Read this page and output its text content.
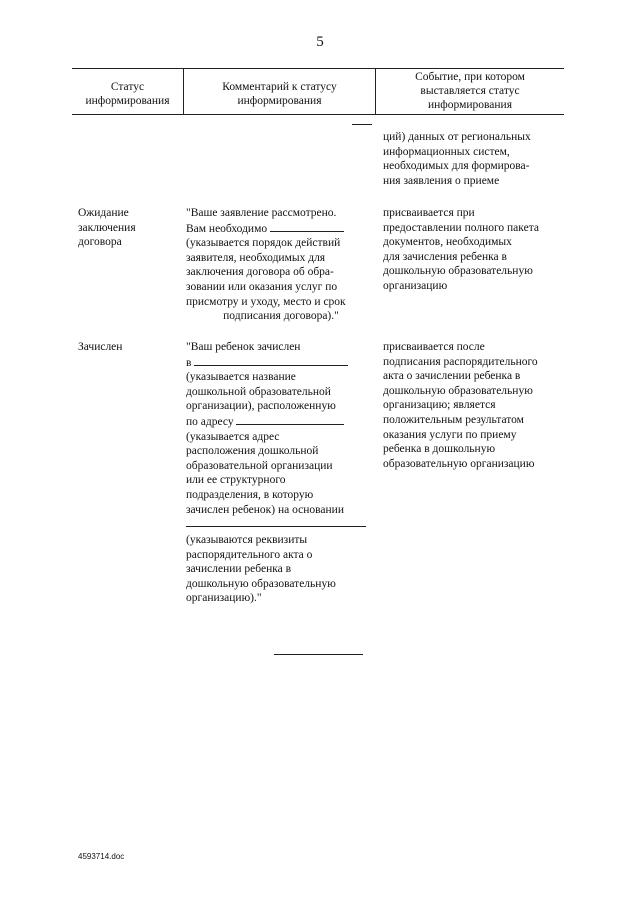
5
Статус
информирования
Комментарий к статусу
информирования
Событие, при котором
выставляется статус
информирования
ций) данных от региональных
информационных систем,
необходимых для формирова-
ния заявления о приеме
Ожидание
заключения
договора
"Ваше заявление рассмотрено.
Вам необходимо
(указывается порядок действий
заявителя, необходимых для
заключения договора об обра-
зовании или оказания услуг по
присмотру и уходу, место и срок
подписания договора)."
присваивается при
предоставлении полного пакета
документов, необходимых
для зачисления ребенка в
дошкольную образовательную
организацию
Зачислен	"Ваш ребенок зачислен
в
(указывается название
дошкольной образовательной
организации), расположенную
по адресу
(указывается адрес
расположения дошкольной
образовательной организации
или ее структурного
подразделения, в которую
зачислен ребенок) на основании
(указываются реквизиты
распорядительного акта о
зачислении ребенка в
дошкольную образовательную
организацию)."
присваивается после
подписания распорядительного
акта о зачислении ребенка в
дошкольную образовательную
организацию; является
положительным результатом
оказания услуги по приему
ребенка в дошкольную
образовательную организацию
4593714.doc
